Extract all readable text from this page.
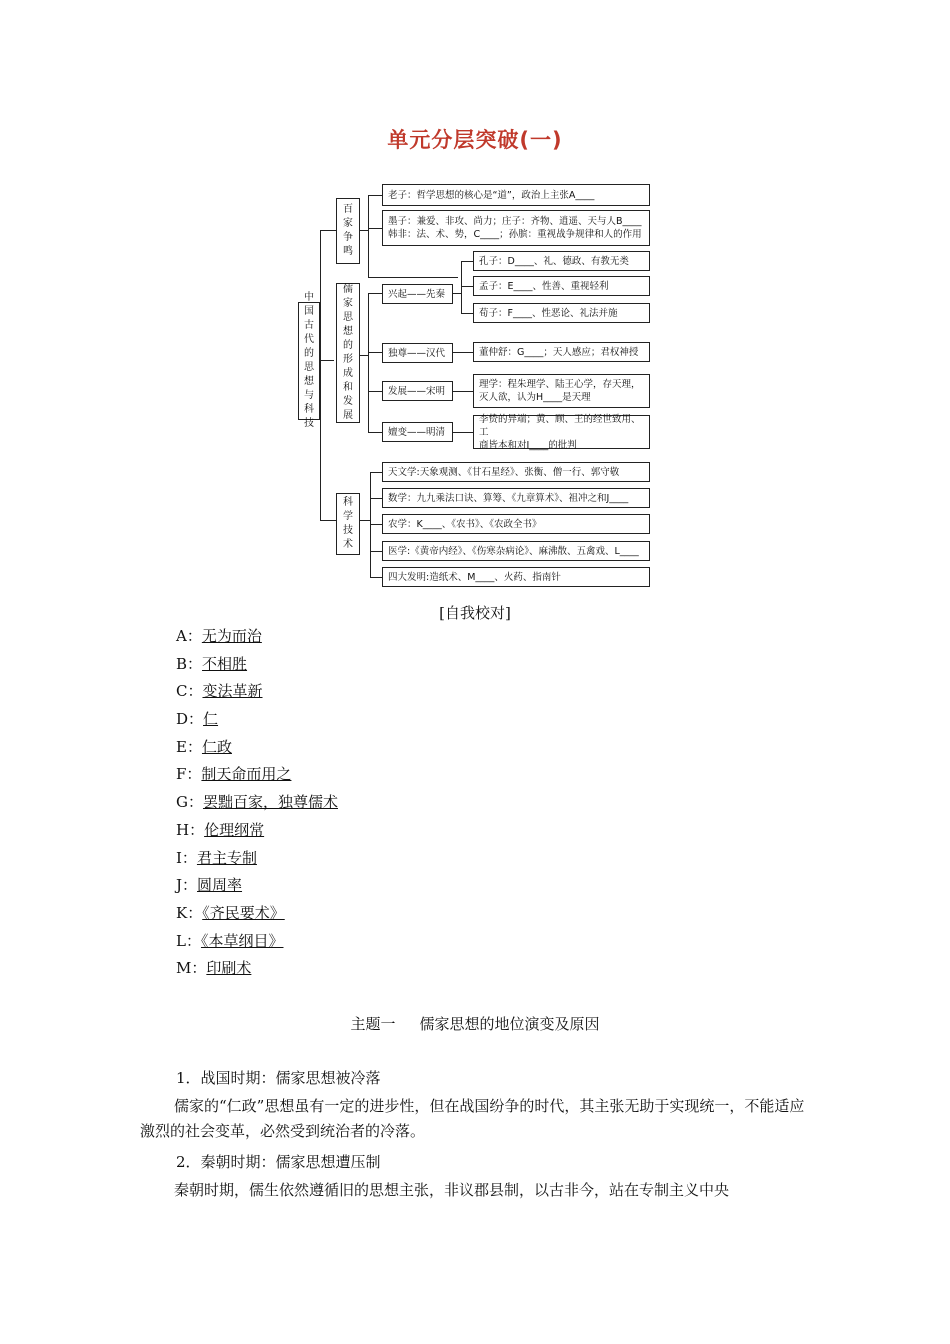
单元分层突破(一)
中国古代的思想与科技
百家争鸣
儒家思想的形成和发展
科学技术
老子：哲学思想的核心是“道”，政治上主张A____
墨子：兼爱、非攻、尚力；庄子：齐物、逍遥、天与人B____
韩非：法、术、势，C____；孙膑：重视战争规律和人的作用
兴起——先秦
独尊——汉代
发展——宋明
嬗变——明清
孔子：D____、礼、德政、有教无类
孟子：E____、性善、重视轻利
荀子：F____、性恶论、礼法并施
董仲舒：G____；天人感应；君权神授
理学：程朱理学、陆王心学，存天理，
灭人欲，认为H____是天理
李贽的异端；黄、顾、王的经世致用、工
商皆本和对I____的批判
天文学:天象观测、《甘石星经》、张衡、僧一行、郭守敬
数学：九九乘法口诀、算筹、《九章算术》、祖冲之和J____
农学：K____、《农书》、《农政全书》
医学:《黄帝内经》、《伤寒杂病论》、麻沸散、五禽戏、L____
四大发明:造纸术、M____、火药、指南针
[自我校对]
A：无为而治
B：不相胜
C：变法革新
D：仁
E：仁政
F：制天命而用之
G：罢黜百家，独尊儒术
H：伦理纲常
I：君主专制
J：圆周率
K：《齐民要术》
L：《本草纲目》
M：印刷术
主题一 儒家思想的地位演变及原因

1．战国时期：儒家思想被冷落

儒家的“仁政”思想虽有一定的进步性，但在战国纷争的时代，其主张无助于实现统一，不能适应激烈的社会变革，必然受到统治者的冷落。

2．秦朝时期：儒家思想遭压制

秦朝时期，儒生依然遵循旧的思想主张，非议郡县制，以古非今，站在专制主义中央
